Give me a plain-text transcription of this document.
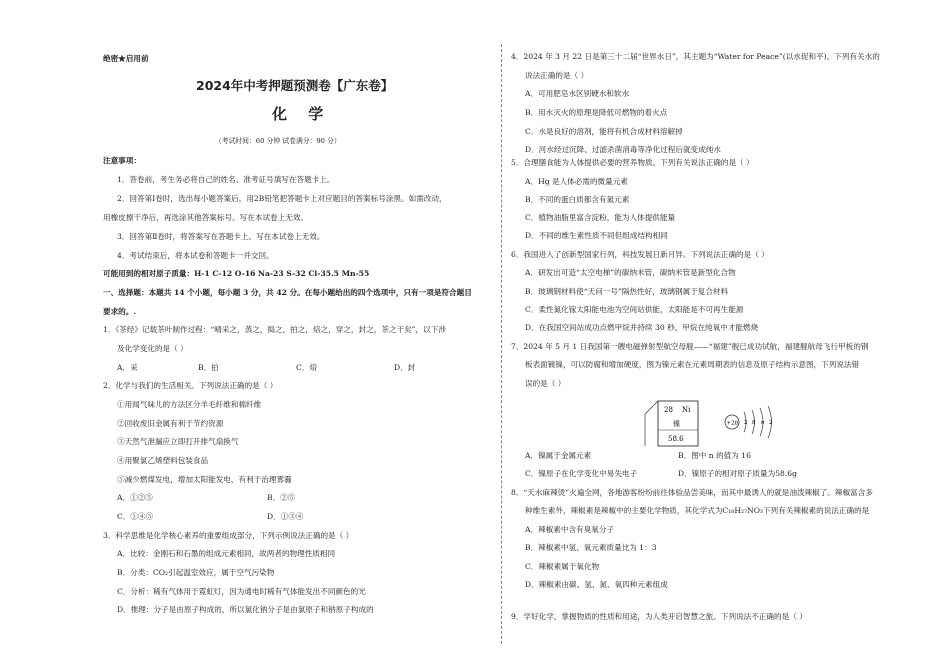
绝密★启用前
2024年中考押题预测卷【广东卷】
化 学
（考试时间：60 分钟 试卷满分：90 分）
注意事项：
1．答卷前，考生务必将自己的姓名、准考证号填写在答题卡上。
2．回答第Ⅰ卷时，选出每小题答案后，用2B铅笔把答题卡上对应题目的答案标号涂黑。如需改动，
用橡皮擦干净后，再选涂其他答案标号。写在本试卷上无效。
3．回答第Ⅱ卷时，将答案写在答题卡上。写在本试卷上无效。
4．考试结束后，将本试卷和答题卡一并交回。
可能用到的相对原子质量：H-1 C-12 O-16 Na-23 S-32 Cl-35.5 Mn-55
一、选择题：本题共 14 个小题，每小题 3 分，共 42 分。在每小题给出的四个选项中，只有一项是符合题目
要求的。.
1．《茶经》记载茶叶制作过程：“晴采之，蒸之，捣之，拍之，焙之，穿之，封之，茶之干矣”，以下涉
及化学变化的是（ ）
A．采	B．拍	C．焙	D．封
2．化学与我们的生活相关。下列说法正确的是（ ）
①用闻气味儿的方法区分羊毛纤维和棉纤维
②回收废旧金属有利于节约资源
③天然气泄漏应立即打开排气扇换气
④用聚氯乙烯塑料包装食品
⑤减少燃煤发电，增加太阳能发电，有利于治理雾霾
A．①②⑤	B．②⑤
C．①④⑤	D．①③④
3．科学思维是化学核心素养的重要组成部分，下列示例说法正确的是（ ）
A．比较：金刚石和石墨的组成元素相同，故两者的物理性质相同
B．分类：CO₂引起温室效应，属于空气污染物
C．分析：稀有气体用于霓虹灯，因为通电时稀有气体能发出不同颜色的光
D．推理：分子是由原子构成的，所以氯化钠分子是由氯原子和钠原子构成的
4．2024 年 3 月 22 日是第三十二届“世界水日”，其主题为“Water for Peace”(以水促和平)。下列有关水的
说法正确的是（ ）
A．可用肥皂水区别硬水和软水
B．用水灭火的原理是降低可燃物的着火点
C．水是良好的溶剂，能将有机合成材料溶解掉
D．河水经过沉降、过滤杀菌消毒等净化过程后就变成纯水
5．合理膳食能为人体提供必要的营养物质。下列有关说法正确的是（ ）
A．Hg 是人体必需的微量元素
B．不同的蛋白质都含有氮元素
C．植物油脂里富含淀粉，能为人体提供能量
D．不同的维生素性质不同但组成结构相同
6．我国进入了创新型国家行列，科技发展日新月异。下列说法正确的是（ ）
A．研发出可造“太空电梯”的碳纳米管，碳纳米管是新型化合物
B．玻璃钢材料使“天问一号”隔热性好，玻璃钢属于复合材料
C．柔性氮化镓太阳能电池为空间站供能，太阳能是不可再生能源
D．在我国空间站成功点燃甲烷并持续 30 秒，甲烷在纯氧中才能燃烧
7．2024 年 5 月 1 日我国第一艘电磁弹射型航空母舰——“福建”舰已成功试航，福建舰航母飞行甲板的钢
板表面镀镍，可以防腐和增加硬度，图为镍元素在元素周期表的信息及原子结构示意图，下列说法错
误的是（ ）
A．镍属于金属元素	B．图中 n 的值为 16
C．镍原子在化学变化中易失电子	D．镍原子的相对原子质量为58.6g
8．“天水麻辣烫”火遍全网，各地游客纷纷前往体验品尝美味，而其中最诱人的就是油泼辣椒了。辣椒富含多
种维生素外，辣椒素是辣椒中的主要化学物质，其化学式为C₁₈H₂₇NO₃下列有关辣椒素的说法正确的是
A．辣椒素中含有臭氧分子
B．辣椒素中氢、氧元素质量比为 1：3
C．辣椒素属于氧化物
D．辣椒素由碳、氢、氮、氧四种元素组成
9．学好化学，掌握物质的性质和用途，为人类开启智慧之旅。下列说法不正确的是（ ）
28 Ni
镍
58.6
+28 2 8 n 2
